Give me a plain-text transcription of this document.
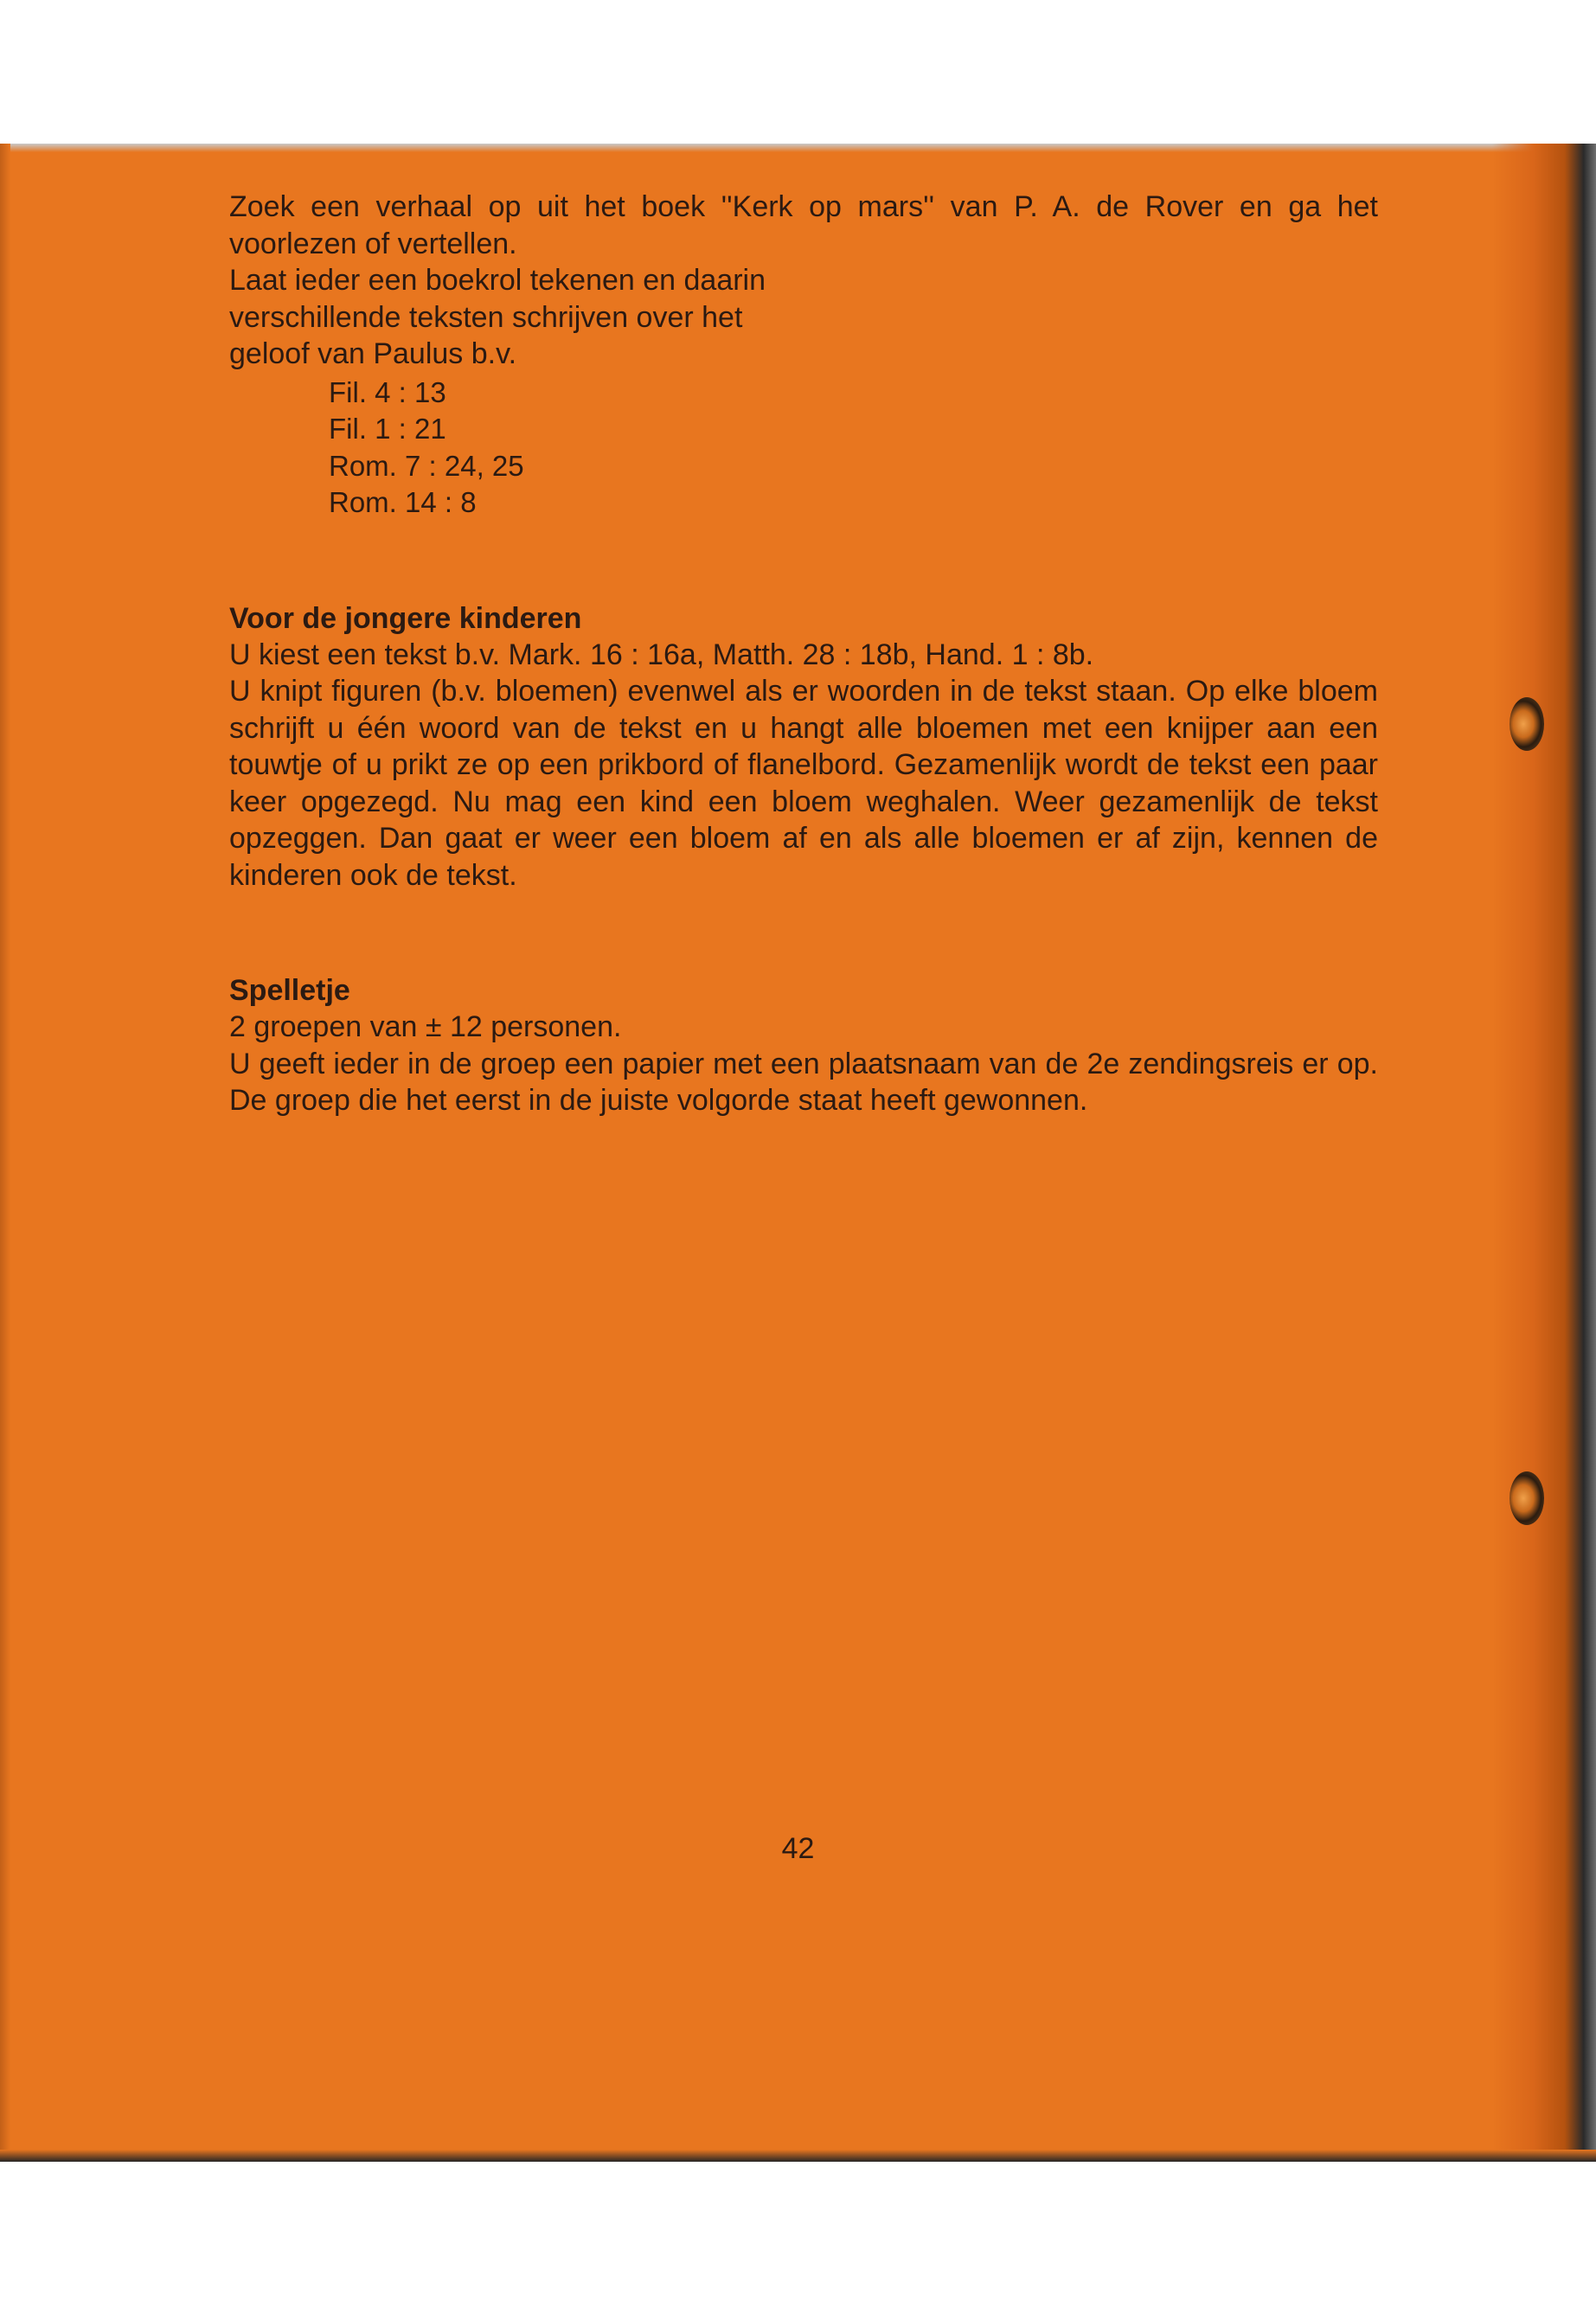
Zoek een verhaal op uit het boek ''Kerk op mars'' van P. A. de Rover en ga het voorlezen of vertellen.

Laat ieder een boekrol tekenen en daarin
verschillende teksten schrijven over het
geloof van Paulus b.v.
Fil. 4 : 13
Fil. 1 : 21
Rom. 7 : 24, 25
Rom. 14 : 8
Voor de jongere kinderen

U kiest een tekst b.v. Mark. 16 : 16a, Matth. 28 : 18b, Hand. 1 : 8b.

U knipt figuren (b.v. bloemen) evenwel als er woorden in de tekst staan. Op elke bloem schrijft u één woord van de tekst en u hangt alle bloemen met een knijper aan een touwtje of u prikt ze op een prikbord of flanelbord. Gezamenlijk wordt de tekst een paar keer opgezegd. Nu mag een kind een bloem weghalen. Weer gezamenlijk de tekst opzeggen. Dan gaat er weer een bloem af en als alle bloemen er af zijn, kennen de kinderen ook de tekst.

Spelletje

2 groepen van ± 12 personen.

U geeft ieder in de groep een papier met een plaatsnaam van de 2e zendingsreis er op. De groep die het eerst in de juiste volgorde staat heeft gewonnen.

42
